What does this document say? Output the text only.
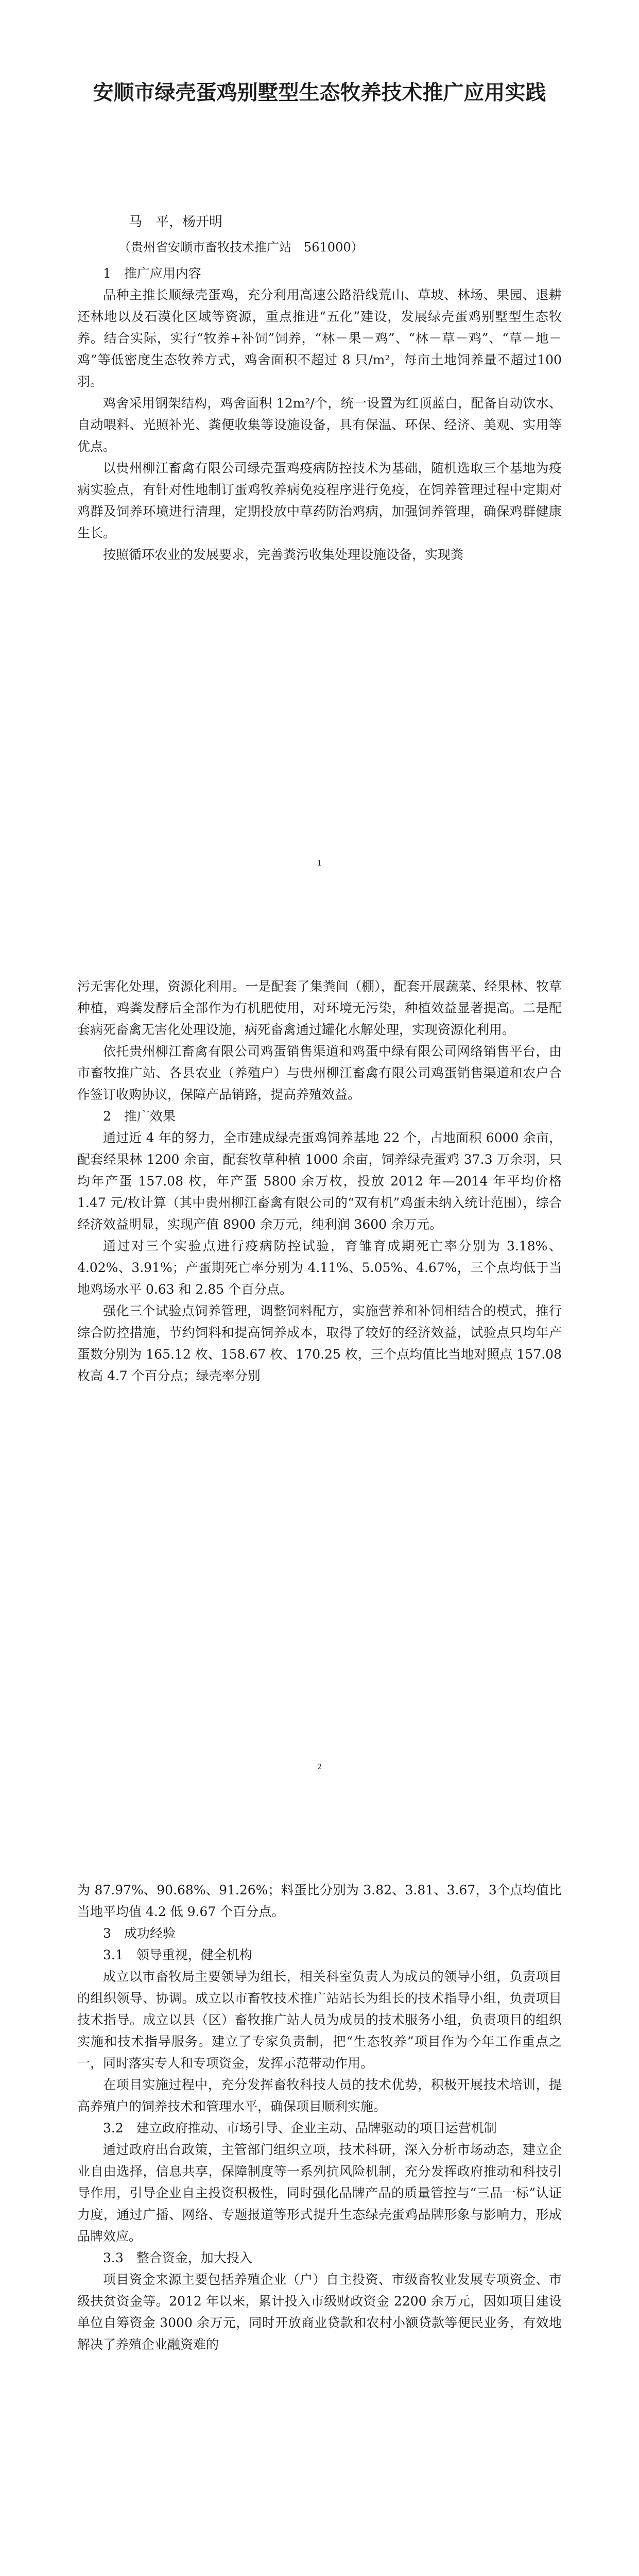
安顺市绿壳蛋鸡别墅型生态牧养技术推广应用实践

马　平，杨开明

（贵州省安顺市畜牧技术推广站　561000）

1　推广应用内容

品种主推长顺绿壳蛋鸡，充分利用高速公路沿线荒山、草坡、林场、果园、退耕还林地以及石漠化区域等资源，重点推进“五化”建设，发展绿壳蛋鸡别墅型生态牧养。结合实际，实行“牧养+补饲”饲养，“林－果－鸡”、“林－草－鸡”、“草－地－鸡”等低密度生态牧养方式，鸡舍面积不超过 8 只/m²，每亩土地饲养量不超过100 羽。

鸡舍采用钢架结构，鸡舍面积 12m²/个，统一设置为红顶蓝白，配备自动饮水、自动喂料、光照补光、粪便收集等设施设备，具有保温、环保、经济、美观、实用等优点。

以贵州柳江畜禽有限公司绿壳蛋鸡疫病防控技术为基础，随机选取三个基地为疫病实验点，有针对性地制订蛋鸡牧养病免疫程序进行免疫，在饲养管理过程中定期对鸡群及饲养环境进行清理，定期投放中草药防治鸡病，加强饲养管理，确保鸡群健康生长。

按照循环农业的发展要求，完善粪污收集处理设施设备，实现粪

1

污无害化处理，资源化利用。一是配套了集粪间（棚），配套开展蔬菜、经果林、牧草种植，鸡粪发酵后全部作为有机肥使用，对环境无污染，种植效益显著提高。二是配套病死畜禽无害化处理设施，病死畜禽通过罐化水解处理，实现资源化利用。

依托贵州柳江畜禽有限公司鸡蛋销售渠道和鸡蛋中绿有限公司网络销售平台，由市畜牧推广站、各县农业（养殖户）与贵州柳江畜禽有限公司鸡蛋销售渠道和农户合作签订收购协议，保障产品销路，提高养殖效益。

2　推广效果

通过近 4 年的努力，全市建成绿壳蛋鸡饲养基地 22 个，占地面积 6000 余亩，配套经果林 1200 余亩，配套牧草种植 1000 余亩，饲养绿壳蛋鸡 37.3 万余羽，只均年产蛋 157.08 枚，年产蛋 5800 余万枚，投放 2012 年—2014 年平均价格 1.47 元/枚计算（其中贵州柳江畜禽有限公司的“双有机”鸡蛋未纳入统计范围），综合经济效益明显，实现产值 8900 余万元，纯利润 3600 余万元。

通过对三个实验点进行疫病防控试验，育雏育成期死亡率分别为 3.18%、4.02%、3.91%；产蛋期死亡率分别为 4.11%、5.05%、4.67%，三个点均低于当地鸡场水平 0.63 和 2.85 个百分点。

强化三个试验点饲养管理，调整饲料配方，实施营养和补饲相结合的模式，推行综合防控措施，节约饲料和提高饲养成本，取得了较好的经济效益，试验点只均年产蛋数分别为 165.12 枚、158.67 枚、170.25 枚，三个点均值比当地对照点 157.08 枚高 4.7 个百分点；绿壳率分别

2

为 87.97%、90.68%、91.26%；料蛋比分别为 3.82、3.81、3.67，3个点均值比当地平均值 4.2 低 9.67 个百分点。

3　成功经验

3.1　领导重视，健全机构

成立以市畜牧局主要领导为组长，相关科室负责人为成员的领导小组，负责项目的组织领导、协调。成立以市畜牧技术推广站站长为组长的技术指导小组，负责项目技术指导。成立以县（区）畜牧推广站人员为成员的技术服务小组，负责项目的组织实施和技术指导服务。建立了专家负责制，把“生态牧养”项目作为今年工作重点之一，同时落实专人和专项资金，发挥示范带动作用。

在项目实施过程中，充分发挥畜牧科技人员的技术优势，积极开展技术培训，提高养殖户的饲养技术和管理水平，确保项目顺利实施。

3.2　建立政府推动、市场引导、企业主动、品牌驱动的项目运营机制

通过政府出台政策，主管部门组织立项，技术科研，深入分析市场动态，建立企业自由选择，信息共享，保障制度等一系列抗风险机制，充分发挥政府推动和科技引导作用，引导企业自主投资积极性，同时强化品牌产品的质量管控与“三品一标”认证力度，通过广播、网络、专题报道等形式提升生态绿壳蛋鸡品牌形象与影响力，形成品牌效应。

3.3　整合资金，加大投入

项目资金来源主要包括养殖企业（户）自主投资、市级畜牧业发展专项资金、市级扶贫资金等。2012 年以来，累计投入市级财政资金 2200 余万元，因如项目建设单位自筹资金 3000 余万元，同时开放商业贷款和农村小额贷款等便民业务，有效地解决了养殖企业融资难的
